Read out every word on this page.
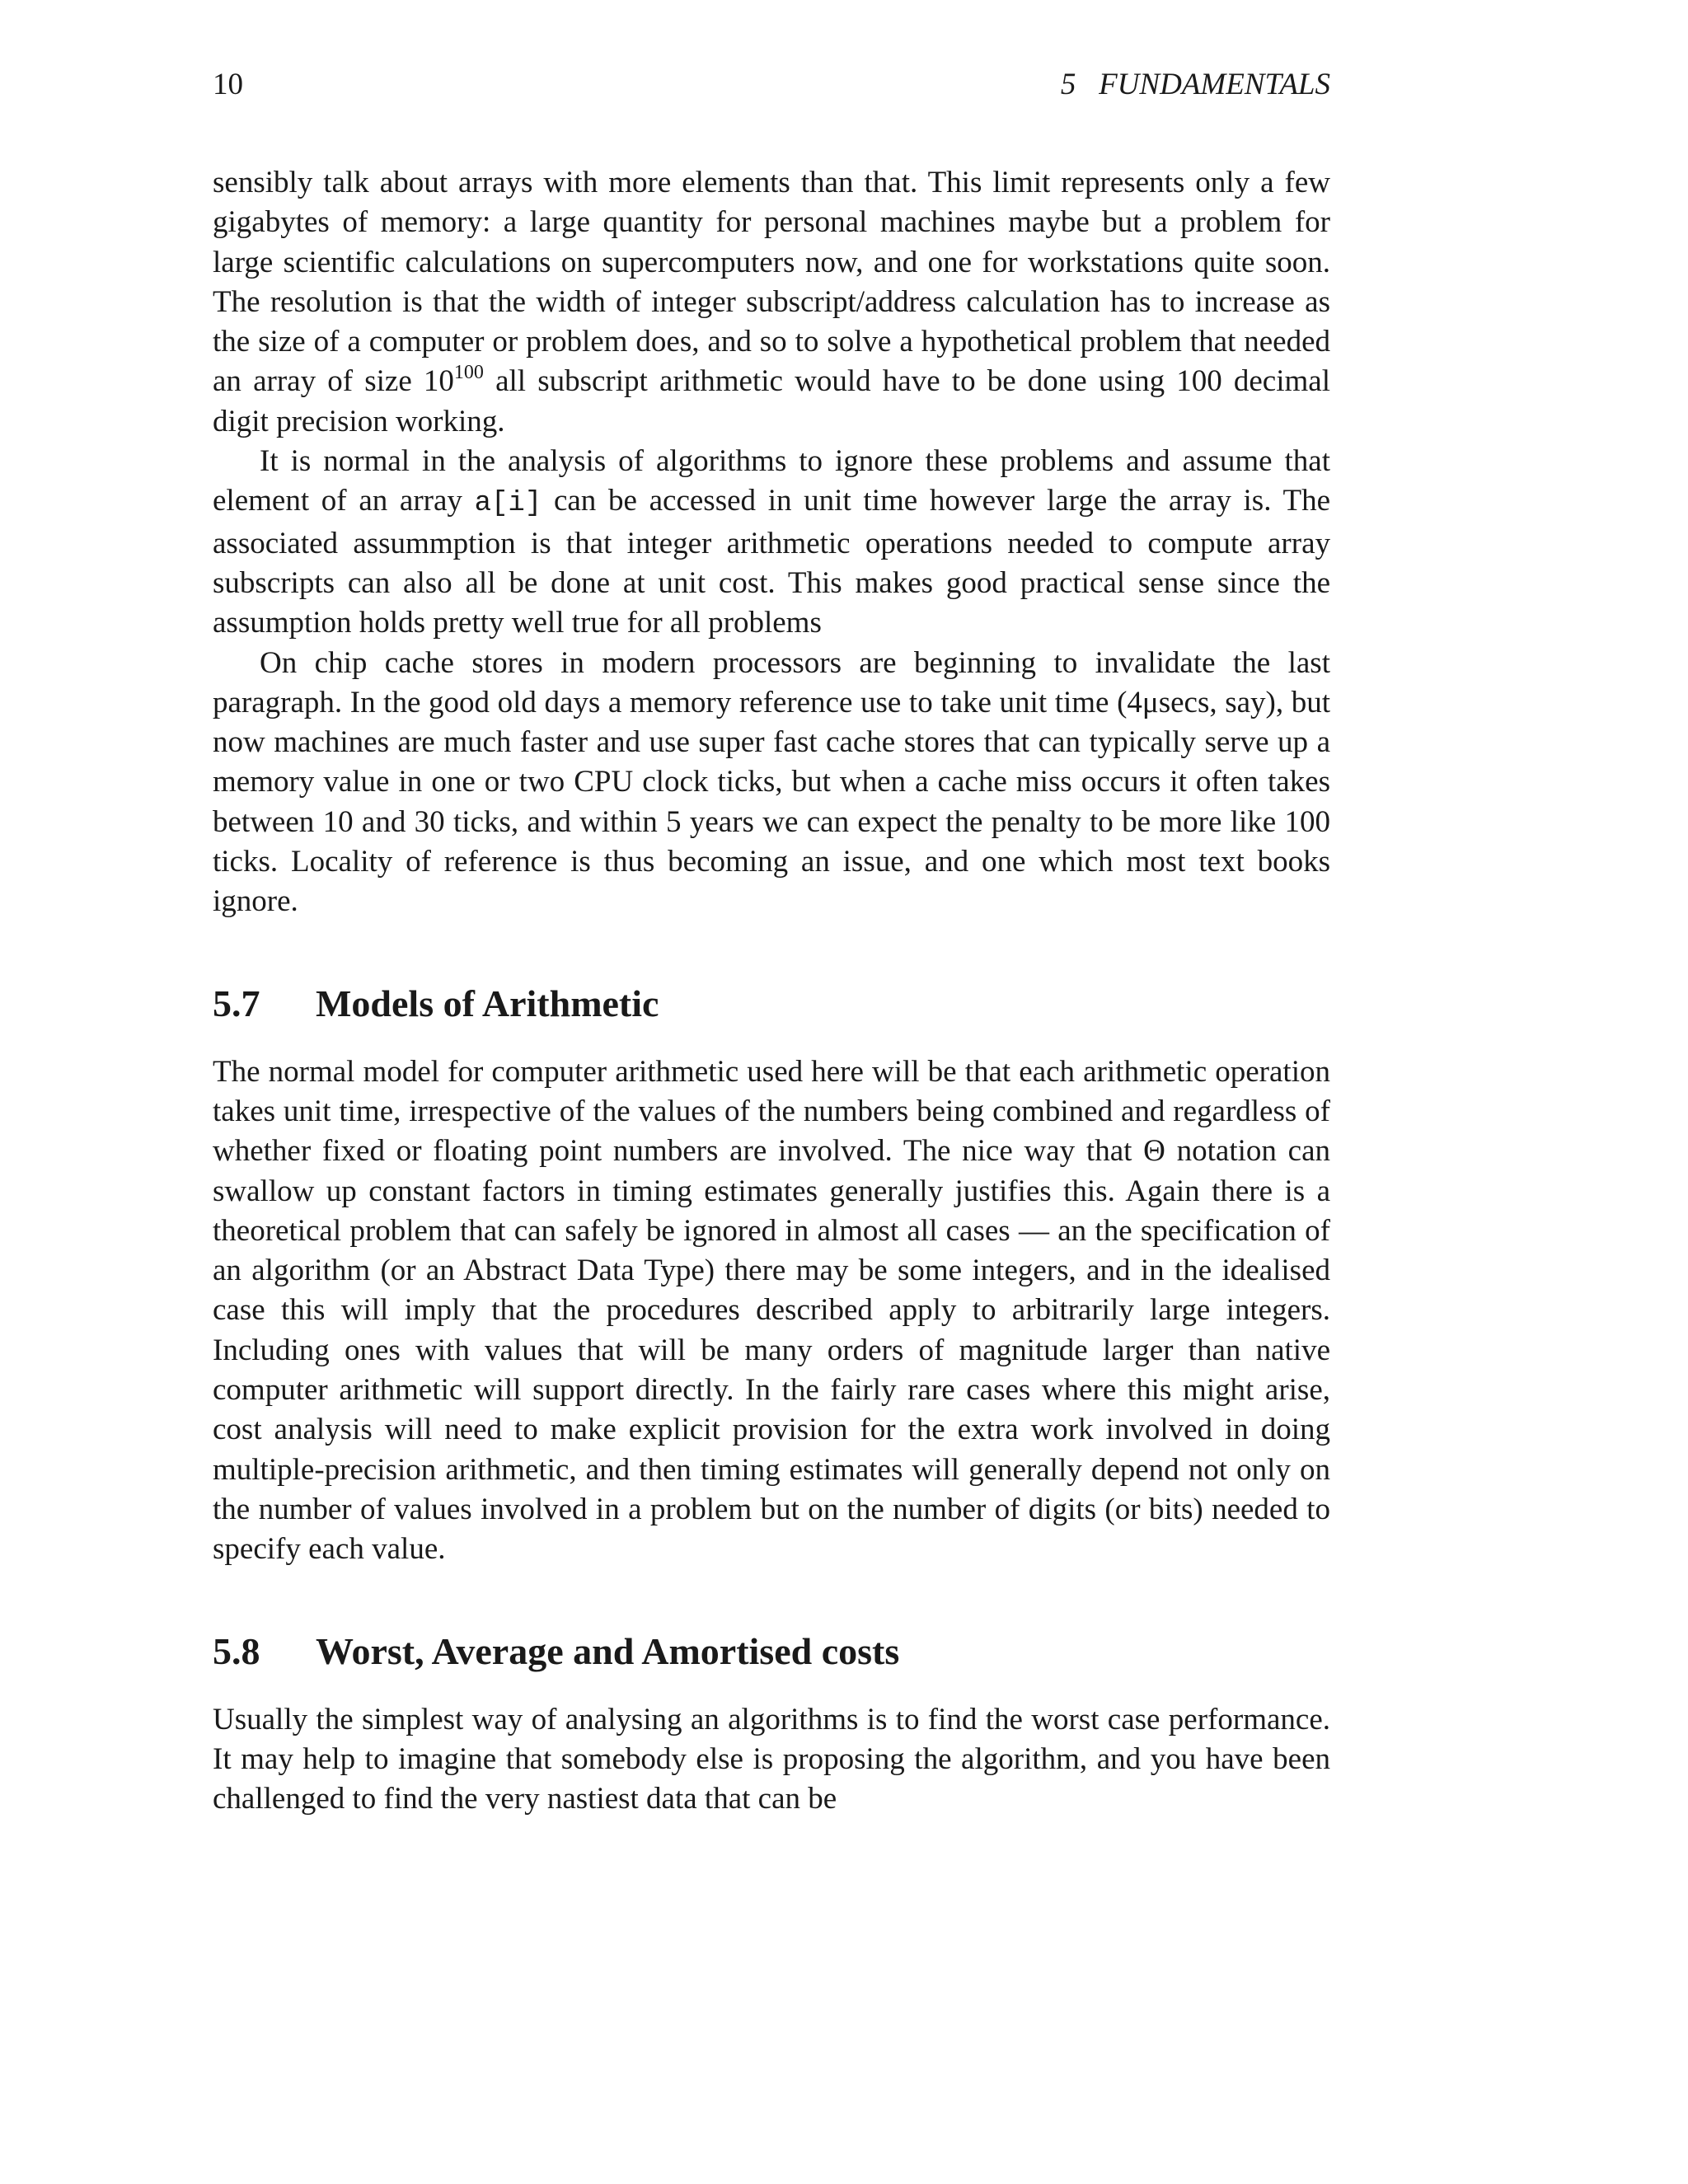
10	5   FUNDAMENTALS

sensibly talk about arrays with more elements than that. This limit represents only a few gigabytes of memory: a large quantity for personal machines maybe but a problem for large scientific calculations on supercomputers now, and one for workstations quite soon. The resolution is that the width of integer subscript/address calculation has to increase as the size of a computer or problem does, and so to solve a hypothetical problem that needed an array of size $10^{100}$ all subscript arithmetic would have to be done using 100 decimal digit precision working.

It is normal in the analysis of algorithms to ignore these problems and assume that element of an array a[i] can be accessed in unit time however large the array is. The associated assummption is that integer arithmetic operations needed to compute array subscripts can also all be done at unit cost. This makes good practical sense since the assumption holds pretty well true for all problems

On chip cache stores in modern processors are beginning to invalidate the last paragraph. In the good old days a memory reference use to take unit time (4μsecs, say), but now machines are much faster and use super fast cache stores that can typically serve up a memory value in one or two CPU clock ticks, but when a cache miss occurs it often takes between 10 and 30 ticks, and within 5 years we can expect the penalty to be more like 100 ticks. Locality of reference is thus becoming an issue, and one which most text books ignore.

5.7	Models of Arithmetic

The normal model for computer arithmetic used here will be that each arithmetic operation takes unit time, irrespective of the values of the numbers being combined and regardless of whether fixed or floating point numbers are involved. The nice way that Θ notation can swallow up constant factors in timing estimates generally justifies this. Again there is a theoretical problem that can safely be ignored in almost all cases — an the specification of an algorithm (or an Abstract Data Type) there may be some integers, and in the idealised case this will imply that the procedures described apply to arbitrarily large integers. Including ones with values that will be many orders of magnitude larger than native computer arithmetic will support directly. In the fairly rare cases where this might arise, cost analysis will need to make explicit provision for the extra work involved in doing multiple-precision arithmetic, and then timing estimates will generally depend not only on the number of values involved in a problem but on the number of digits (or bits) needed to specify each value.

5.8	Worst, Average and Amortised costs

Usually the simplest way of analysing an algorithms is to find the worst case performance. It may help to imagine that somebody else is proposing the algorithm, and you have been challenged to find the very nastiest data that can be
